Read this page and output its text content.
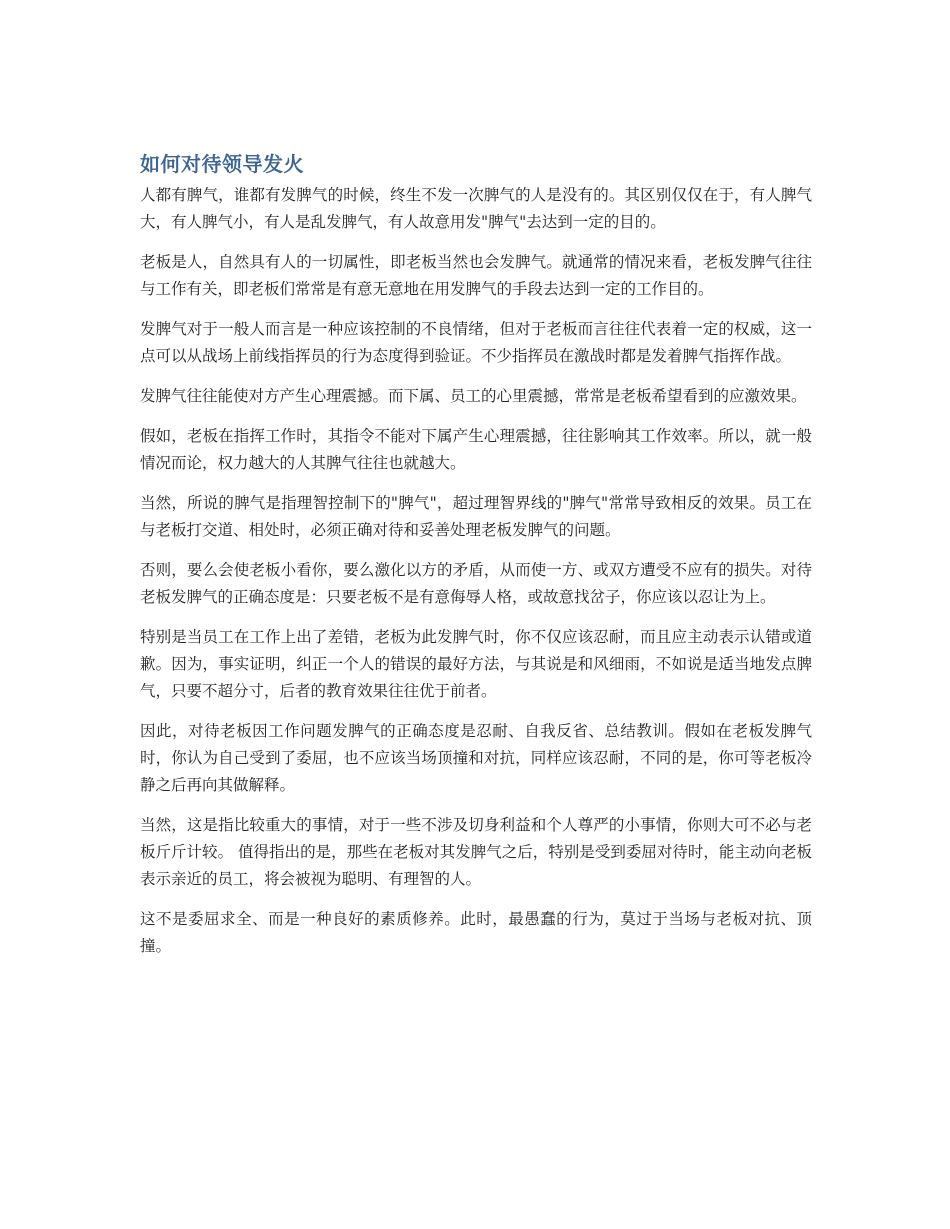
如何对待领导发火

人都有脾气，谁都有发脾气的时候，终生不发一次脾气的人是没有的。其区别仅仅在于，有人脾气大，有人脾气小，有人是乱发脾气，有人故意用发"脾气"去达到一定的目的。

老板是人，自然具有人的一切属性，即老板当然也会发脾气。就通常的情况来看，老板发脾气往往与工作有关，即老板们常常是有意无意地在用发脾气的手段去达到一定的工作目的。

发脾气对于一般人而言是一种应该控制的不良情绪，但对于老板而言往往代表着一定的权威，这一点可以从战场上前线指挥员的行为态度得到验证。不少指挥员在激战时都是发着脾气指挥作战。

发脾气往往能使对方产生心理震撼。而下属、员工的心里震撼，常常是老板希望看到的应激效果。

假如，老板在指挥工作时，其指令不能对下属产生心理震撼，往往影响其工作效率。所以，就一般情况而论，权力越大的人其脾气往往也就越大。

当然，所说的脾气是指理智控制下的"脾气"，超过理智界线的"脾气"常常导致相反的效果。员工在与老板打交道、相处时，必须正确对待和妥善处理老板发脾气的问题。

否则，要么会使老板小看你，要么激化以方的矛盾，从而使一方、或双方遭受不应有的损失。对待老板发脾气的正确态度是：只要老板不是有意侮辱人格，或故意找岔子，你应该以忍让为上。

特别是当员工在工作上出了差错，老板为此发脾气时，你不仅应该忍耐，而且应主动表示认错或道歉。因为，事实证明，纠正一个人的错误的最好方法，与其说是和风细雨，不如说是适当地发点脾气，只要不超分寸，后者的教育效果往往优于前者。

因此，对待老板因工作问题发脾气的正确态度是忍耐、自我反省、总结教训。假如在老板发脾气时，你认为自己受到了委屈，也不应该当场顶撞和对抗，同样应该忍耐，不同的是，你可等老板冷静之后再向其做解释。

当然，这是指比较重大的事情，对于一些不涉及切身利益和个人尊严的小事情，你则大可不必与老板斤斤计较。 值得指出的是，那些在老板对其发脾气之后，特别是受到委屈对待时，能主动向老板表示亲近的员工，将会被视为聪明、有理智的人。

这不是委屈求全、而是一种良好的素质修养。此时，最愚蠢的行为，莫过于当场与老板对抗、顶撞。
